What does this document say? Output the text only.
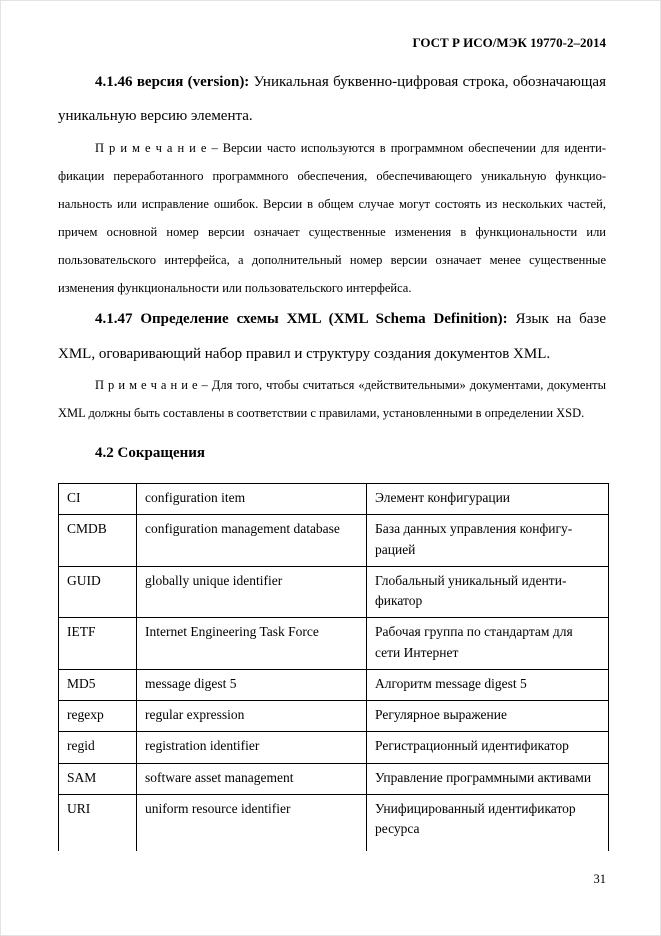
ГОСТ Р ИСО/МЭК 19770-2–2014

4.1.46 версия (version): Уникальная буквенно-цифровая строка, обозначающая уникальную версию элемента.

П р и м е ч а н и е – Версии часто используются в программном обеспечении для идентификации переработанного программного обеспечения, обеспечивающего уникальную функциональность или исправление ошибок. Версии в общем случае могут состоять из нескольких частей, причем основной номер версии означает существенные изменения в функциональности или пользовательского интерфейса, а дополнительный номер версии означает менее существенные изменения функциональности или пользовательского интерфейса.

4.1.47 Определение схемы XML (XML Schema Definition): Язык на базе XML, оговаривающий набор правил и структуру создания документов XML.

П р и м е ч а н и е – Для того, чтобы считаться «действительными» документами, документы XML должны быть составлены в соответствии с правилами, установленными в определении XSD.

4.2 Сокращения

CI	configuration item	Элемент конфигурации
CMDB	configuration management database	База данных управления конфигурацией
GUID	globally unique identifier	Глобальный уникальный идентификатор
IETF	Internet Engineering Task Force	Рабочая группа по стандартам для сети Интернет
MD5	message digest 5	Алгоритм message digest 5
regexp	regular expression	Регулярное выражение
regid	registration identifier	Регистрационный идентификатор
SAM	software asset management	Управление программными активами
URI	uniform resource identifier	Унифицированный идентификатор ресурса
31
